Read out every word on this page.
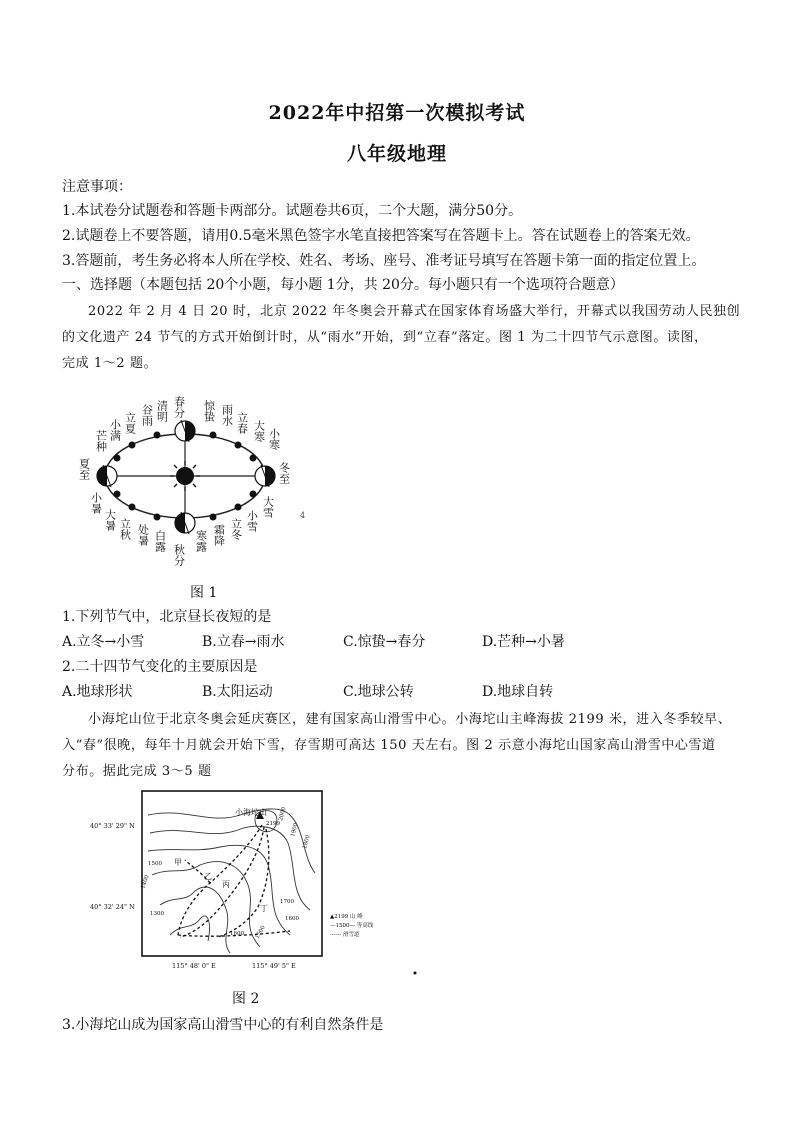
2022年中招第一次模拟考试
八年级地理
注意事项：
1.本试卷分试题卷和答题卡两部分。试题卷共6页，二个大题，满分50分。
2.试题卷上不要答题，请用0.5毫米黑色签字水笔直接把答案写在答题卡上。答在试题卷上的答案无效。
3.答题前，考生务必将本人所在学校、姓名、考场、座号、准考证号填写在答题卡第一面的指定位置上。
一、选择题（本题包括 20个小题，每小题 1分，共 20分。每小题只有一个选项符合题意）
2022 年 2 月 4 日 20 时，北京 2022 年冬奥会开幕式在国家体育场盛大举行，开幕式以我国劳动人民独创
的文化遗产 24 节气的方式开始倒计时，从“雨水”开始，到“立春”落定。图 1 为二十四节气示意图。读图，
完成 1～2 题。
春分
清明
谷雨
立夏
小满
芒种
夏至
小暑
大暑 立秋 处暑 白露
秋分
寒露 霜降 立冬 小雪
大雪
冬至
小寒
大寒
立春
雨水
惊蛰
4
图 1
1.下列节气中，北京昼长夜短的是
A.立冬→小雪	B.立春→雨水	C.惊蛰→春分	D.芒种→小暑
2.二十四节气变化的主要原因是
A.地球形状	B.太阳运动	C.地球公转	D.地球自转
小海坨山位于北京冬奥会延庆赛区，建有国家高山滑雪中心。小海坨山主峰海拔 2199 米，进入冬季较早、
入“春”很晚，每年十月就会开始下雪，存雪期可高达 150 天左右。图 2 示意小海坨山国家高山滑雪中心雪道
分布。据此完成 3～5 题
40° 33' 29" N
40° 32' 24" N
115° 48' 0" E	115° 49' 5" E
小海坨山
2199
2000
1900
1800
1700
1600
1500
1400
1300
1500
1600
甲
乙
丙
丁
▲2199 山 峰
—1500— 等高线
------ 滑雪道
图 2
3.小海坨山成为国家高山滑雪中心的有利自然条件是
